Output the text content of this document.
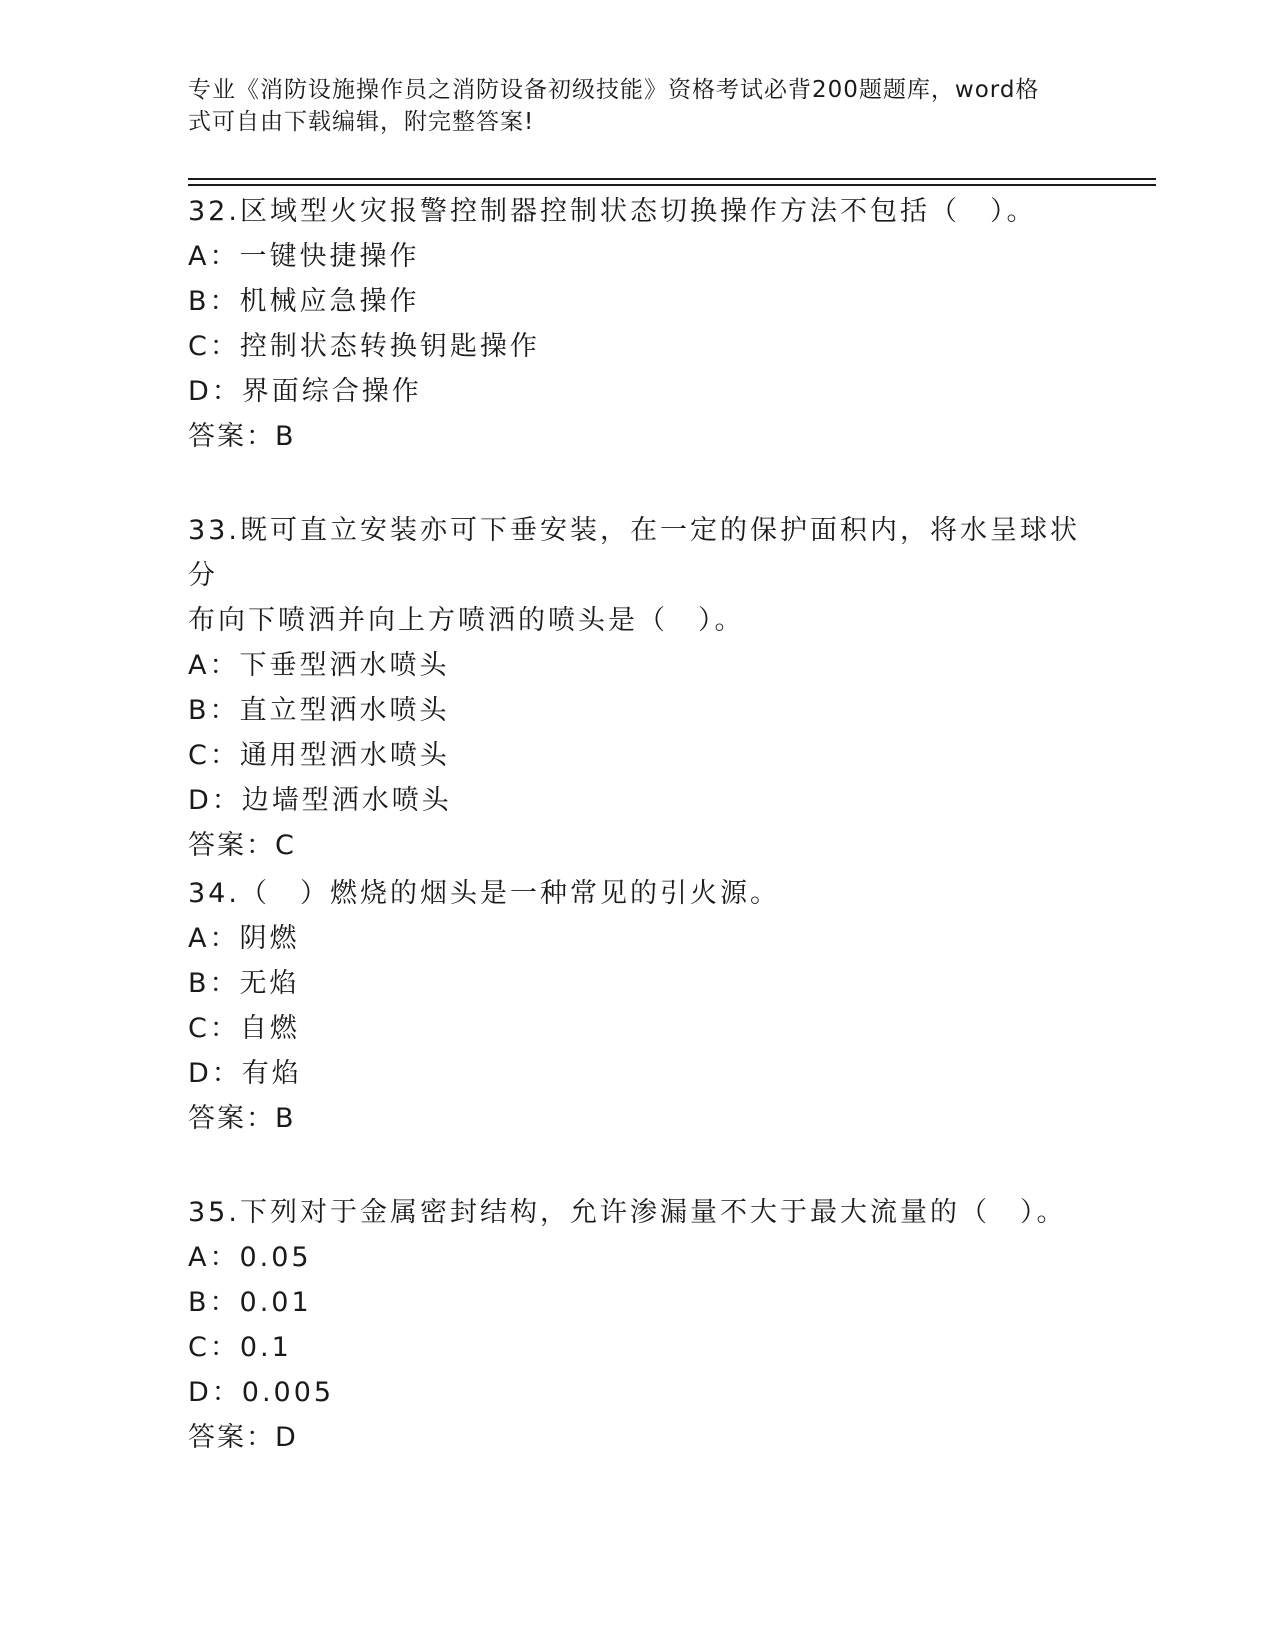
专业《消防设施操作员之消防设备初级技能》资格考试必背200题题库，word格
式可自由下载编辑，附完整答案!

32.区域型火灾报警控制器控制状态切换操作方法不包括（　）。

A：一键快捷操作

B：机械应急操作

C：控制状态转换钥匙操作

D：界面综合操作

答案：B

33.既可直立安装亦可下垂安装，在一定的保护面积内，将水呈球状分

布向下喷洒并向上方喷洒的喷头是（　）。

A：下垂型洒水喷头

B：直立型洒水喷头

C：通用型洒水喷头

D：边墙型洒水喷头

答案：C

34.（　）燃烧的烟头是一种常见的引火源。

A：阴燃

B：无焰

C：自燃

D：有焰

答案：B

35.下列对于金属密封结构，允许渗漏量不大于最大流量的（　）。

A：0.05

B：0.01

C：0.1

D：0.005

答案：D
